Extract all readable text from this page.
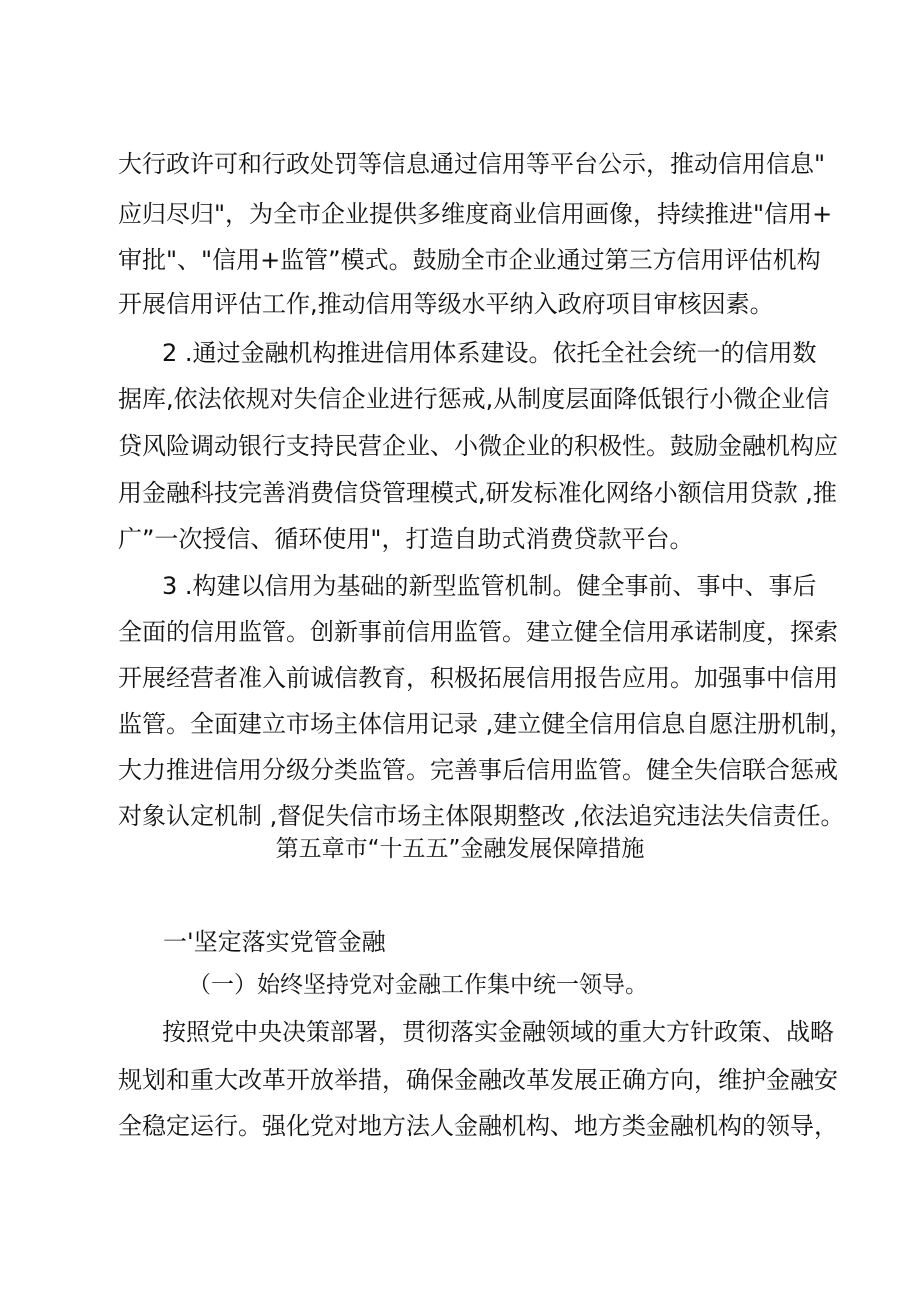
大行政许可和行政处罚等信息通过信用等平台公示，推动信用信息"
应归尽归"，为全市企业提供多维度商业信用画像，持续推进"信用+
审批"、"信用+监管”模式。鼓励全市企业通过第三方信用评估机构
开展信用评估工作,推动信用等级水平纳入政府项目审核因素。
2 .通过金融机构推进信用体系建设。依托全社会统一的信用数
据库,依法依规对失信企业进行惩戒,从制度层面降低银行小微企业信
贷风险调动银行支持民营企业、小微企业的积极性。鼓励金融机构应
用金融科技完善消费信贷管理模式,研发标准化网络小额信用贷款 ,推
广”一次授信、循环使用"，打造自助式消费贷款平台。
3 .构建以信用为基础的新型监管机制。健全事前、事中、事后
全面的信用监管。创新事前信用监管。建立健全信用承诺制度，探索
开展经营者准入前诚信教育，积极拓展信用报告应用。加强事中信用
监管。全面建立市场主体信用记录 ,建立健全信用信息自愿注册机制，
大力推进信用分级分类监管。完善事后信用监管。健全失信联合惩戒
对象认定机制 ,督促失信市场主体限期整改 ,依法追究违法失信责任。
第五章市“十五五”金融发展保障措施
一'坚定落实党管金融
（一）始终坚持党对金融工作集中统一领导。
按照党中央决策部署，贯彻落实金融领域的重大方针政策、战略
规划和重大改革开放举措，确保金融改革发展正确方向，维护金融安
全稳定运行。强化党对地方法人金融机构、地方类金融机构的领导，
